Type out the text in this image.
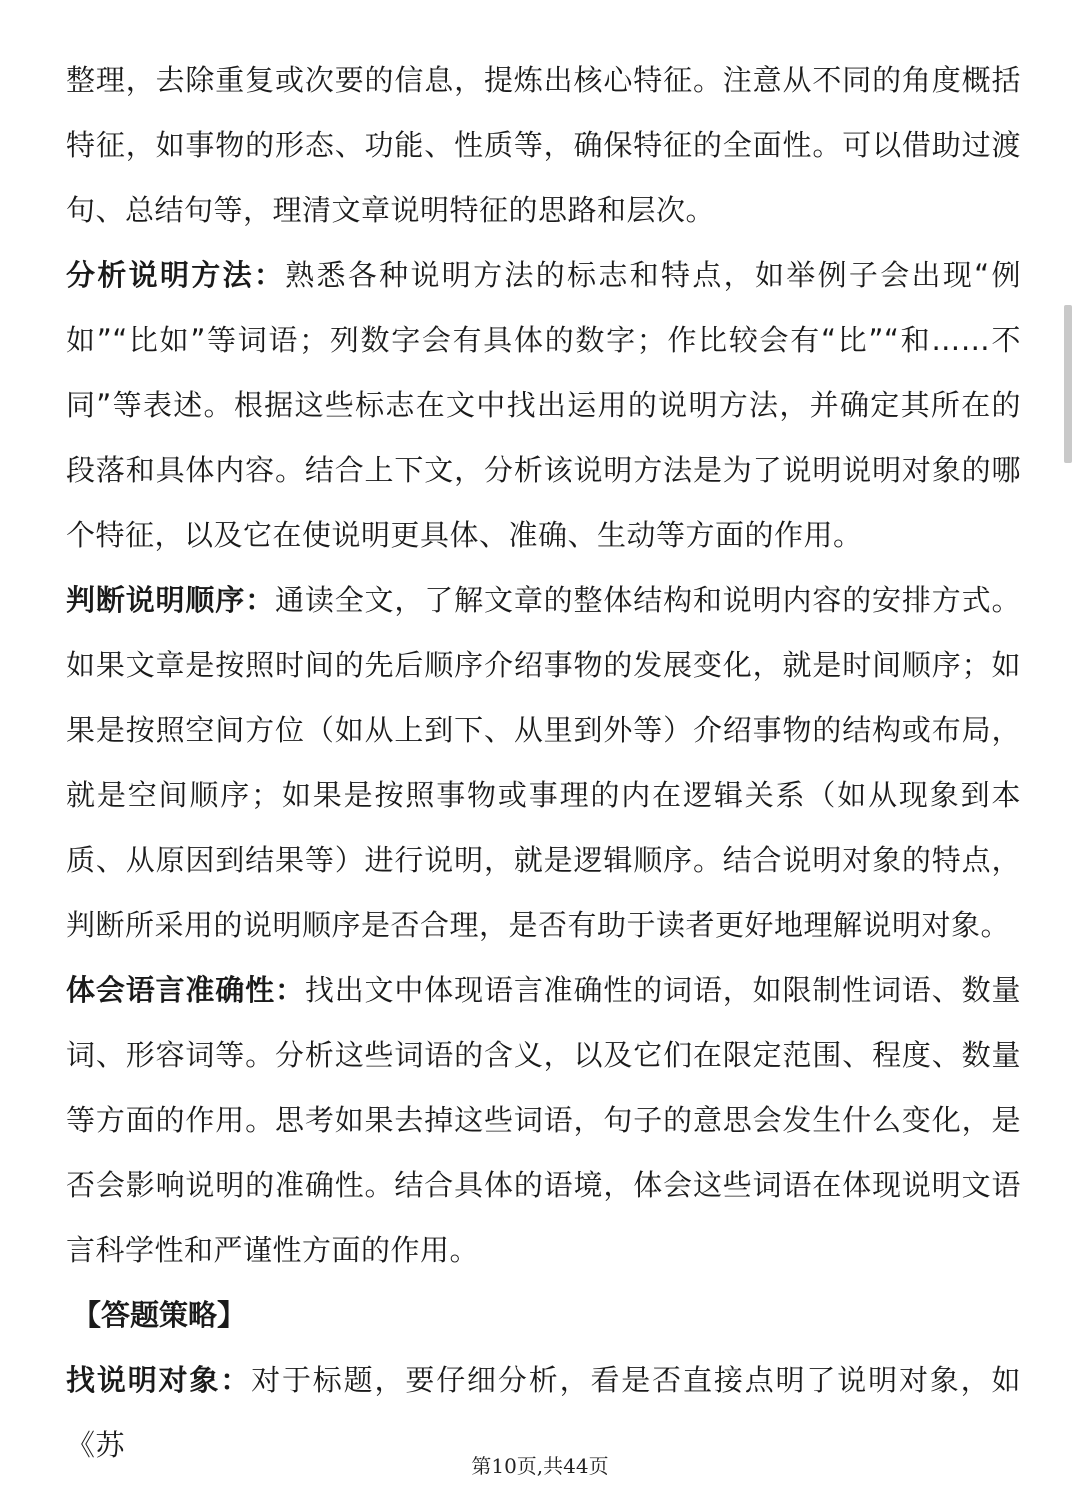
整理，去除重复或次要的信息，提炼出核心特征。注意从不同的角度概括特征，如事物的形态、功能、性质等，确保特征的全面性。可以借助过渡句、总结句等，理清文章说明特征的思路和层次。

分析说明方法：熟悉各种说明方法的标志和特点，如举例子会出现“例如”“比如”等词语；列数字会有具体的数字；作比较会有“比”“和……不同”等表述。根据这些标志在文中找出运用的说明方法，并确定其所在的段落和具体内容。结合上下文，分析该说明方法是为了说明说明对象的哪个特征，以及它在使说明更具体、准确、生动等方面的作用。

判断说明顺序：通读全文，了解文章的整体结构和说明内容的安排方式。如果文章是按照时间的先后顺序介绍事物的发展变化，就是时间顺序；如果是按照空间方位（如从上到下、从里到外等）介绍事物的结构或布局，就是空间顺序；如果是按照事物或事理的内在逻辑关系（如从现象到本质、从原因到结果等）进行说明，就是逻辑顺序。结合说明对象的特点，判断所采用的说明顺序是否合理，是否有助于读者更好地理解说明对象。

体会语言准确性：找出文中体现语言准确性的词语，如限制性词语、数量词、形容词等。分析这些词语的含义，以及它们在限定范围、程度、数量等方面的作用。思考如果去掉这些词语，句子的意思会发生什么变化，是否会影响说明的准确性。结合具体的语境，体会这些词语在体现说明文语言科学性和严谨性方面的作用。

【答题策略】

找说明对象：对于标题，要仔细分析，看是否直接点明了说明对象，如《苏

第10页,共44页
